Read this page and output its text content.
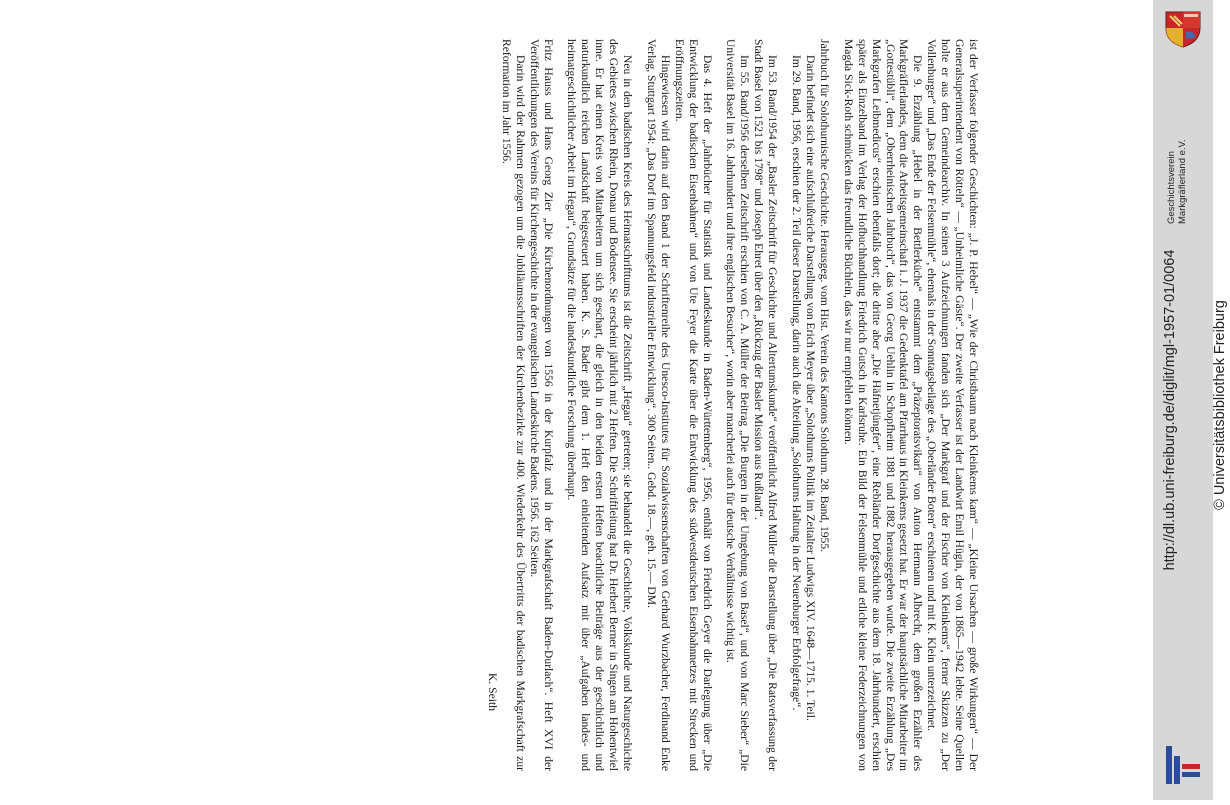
ist der Verfasser folgender Geschichten: „J. P. Hebel“ — „Wie der Christbaum nach Kleinkems kam“ — „Kleine Ursachen — große Wirkungen“ — Der Generalsuperintendent von Rötteln“ — „Unheimliche Gäste“. Der zweite Verfasser ist der Landwirt Emil Hügin, der von 1865—1942 lebte. Seine Quellen holte er aus dem Gemeindearchiv. In seinen 3 Aufzeichnungen fanden sich „Der Markgraf und der Fischer von Kleinkems“, ferner Skizzen zu „Der Vollenburger“ und „Das Ende der Felsenmühle“, ehemals in der Sonntagsbeilage des „Oberländer Boten“ erschienen und mit K. Klein unterzeichnet.

Die 9. Erzählung „Hebel in der Bettlerküche“ entstammt dem „Präzeptoratsvikari“ von Anton Hermann Albrecht, dem großen Erzähler des Markgräflerlandes, dem die Arbeitsgemeinschaft i. J. 1937 die Gedenktafel am Pfarrhaus in Kleinkems gesetzt hat. Er war der hauptsächliche Mitarbeiter im „Gottestübli“, dem „Oberrheinischen Jahrbuch“, das von Georg Uehlin in Schopfheim 1881 und 1882 herausgegeben wurde. Die zweite Erzählung „Des Markgrafen Leibmedicus“ erschien ebenfalls dort; die dritte aber „Die Häfnetjüngfer“, eine Rebländer Dorfgeschichte aus dem 18. Jahrhundert, erschien später als Einzelband im Verlag der Hofbuchhandlung Friedrich Gutsch in Karlsruhe. Ein Bild der Felsenmühle und etliche kleine Federzeichnungen von Magda Sick-Roth schmücken das freundliche Büchlein, das wir nur empfehlen können.

Jahrbuch für Solothurnische Geschichte. Herausgeg. vom Hist. Verein des Kantons Solothurn. 28. Band, 1955.

Darin befindet sich eine aufschlußreiche Darstellung von Erich Meyer über „Solothurns Politik im Zeitalter Ludwigs XIV. 1648—1715. 1. Teil.

Im 29. Band, 1956, erschien der 2. Teil dieser Darstellung, darin auch die Abteilung „Solothurns Haltung in der Neuenburger Erbfolgefrage“.

Im 53. Band/1954 der „Basler Zeitschrift für Geschichte und Altertumskunde“ veröffentlicht Alfred Müller die Darstellung über „Die Ratsverfassung der Stadt Basel von 1521 bis 1798“ und Joseph Ehret über den „Rückzug der Basler Mission aus Rußland“.

Im 55. Band/1956 derselben Zeitschrift erschien von C. A. Müller der Beitrag „Die Burgen in der Umgebung von Basel“, und von Marc Sieber“ „Die Universität Basel im 16. Jahrhundert und ihre englischen Besucher“, worin aber mancherlei auch für deutsche Verhältnisse wichtig ist.

Das 4. Heft der „Jahrbücher für Statistik und Landeskunde in Baden-Württemberg“, 1956, enthält von Friedrich Geyer die Darlegung über „Die Entwicklung der badischen Eisenbahnen“ und von Ute Feyer die Karte über die Entwicklung des südwestdeutschen Eisenbahnnetzes mit Strecken und Eröffnungszeiten.

Hingewiesen wird darin auf den Band 1 der Schriftenreihe des Unesco-Institutes für Sozialwissenschaften von Gerhard Wurzbacher, Ferdinand Enke Verlag, Stuttgart 1954: „Das Dorf im Spannungsfeld industrieller Entwicklung“. 300 Seiten.. Gebd. 18.—, geh. 15.— DM.

Neu in den badischen Kreis des Heimatschrifttums ist die Zeitschrift „Hegau“ getreten; sie behandelt die Geschichte, Volkskunde und Naturgeschichte des Gebietes zwischen Rhein, Donau und Bodensee. Sie erscheint jährlich mit 2 Heften. Die Schriftleitung hat Dr. Herbert Berner in Singen am Hohentwiel inne. Er hat einen Kreis von Mitarbeitern um sich geschart, die gleich in den beiden ersten Heften beachtliche Beiträge aus der geschichtlich und naturkundlich reichen Landschaft beigesteuert haben. K. S. Bader gibt dem 1. Heft den einleitenden Aufsatz mit über „Aufgaben landes- und heimatgeschichtlicher Arbeit im Hegau“, Grundsätze für die landeskundliche Forschung überhaupt.

Fritz Hauss und Hans Georg Zier „Die Kirchenordnungen von 1556 in der Kurpfalz und in der Markgrafschaft Baden-Durlach“. Heft XVI der Veröffentlichungen des Vereins für Kirchengeschichte in der evangelischen Landeskirche Badens. 1956. 162 Seiten.

Darin wird der Rahmen gezogen um die Jubiläumsschriften der Kirchenbezirke zur 400. Wiederkehr des Übertritts der badischen Markgrafschaft zur Reformation im Jahr 1556.

K. Seith

Geschichtsverein Markgräflerland e.V.
http://dl.ub.uni-freiburg.de/diglit/mgl-1957-01/0064 © Universitätsbibliothek Freiburg
